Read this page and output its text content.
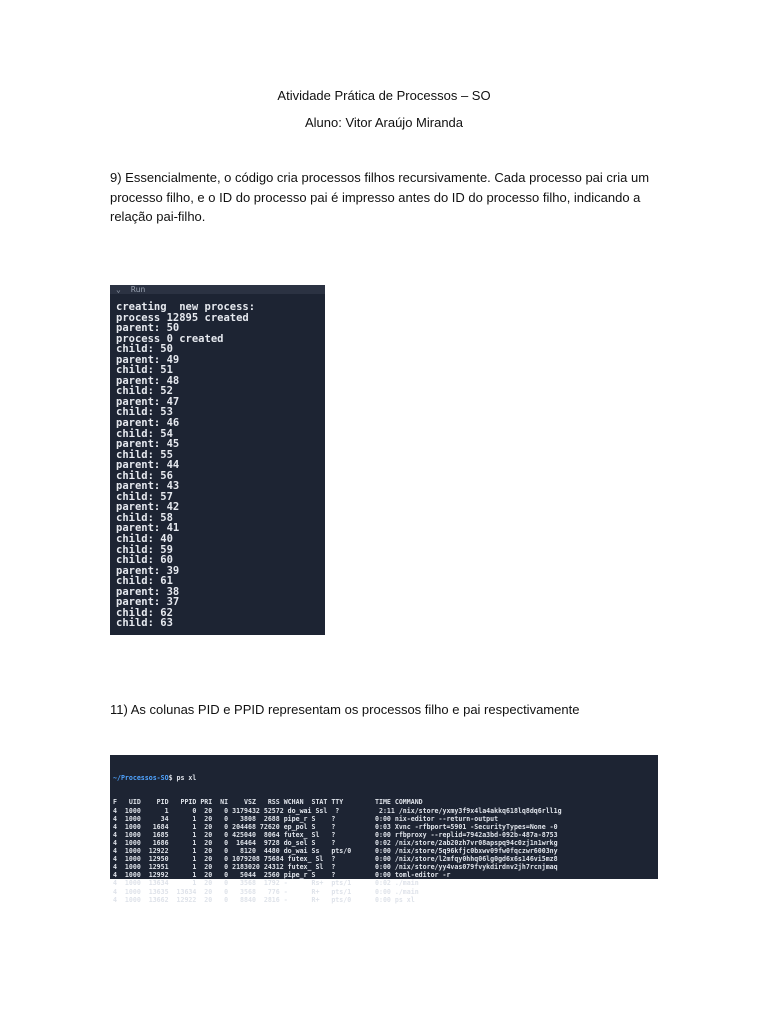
Atividade Prática de Processos – SO
Aluno: Vitor Araújo Miranda
9) Essencialmente, o código cria processos filhos recursivamente. Cada processo pai cria um processo filho, e o ID do processo pai é impresso antes do ID do processo filho, indicando a relação pai-filho.
⌄ Run
creating  new process:
process 12895 created
parent: 50
process 0 created
child: 50
parent: 49
child: 51
parent: 48
child: 52
parent: 47
child: 53
parent: 46
child: 54
parent: 45
child: 55
parent: 44
child: 56
parent: 43
child: 57
parent: 42
child: 58
parent: 41
child: 40
child: 59
child: 60
parent: 39
child: 61
parent: 38
parent: 37
child: 62
child: 63
11) As colunas PID e PPID representam os processos filho e pai respectivamente

~/Processos-SO$ ps xl

F   UID    PID   PPID PRI  NI    VSZ   RSS WCHAN  STAT TTY        TIME COMMAND
4  1000      1      0  20   0 3179432 52572 do_wai Ssl  ?          2:11 /nix/store/yxmy3f9x4la4akkq618lq8dq6rll1g
4  1000     34      1  20   0   3808  2688 pipe_r S    ?          0:00 nix-editor --return-output
4  1000   1684      1  20   0 204468 72620 ep_pol S    ?          0:03 Xvnc -rfbport=5901 -SecurityTypes=None -0
4  1000   1685      1  20   0 425040  8064 futex_ Sl   ?          0:00 rfbproxy --replid=7942a3bd-092b-487a-8753
4  1000   1686      1  20   0  16464  9728 do_sel S    ?          0:02 /nix/store/2ab20zh7vr08apspq94c0zj1n1wrkg
4  1000  12922      1  20   0   8120  4480 do_wai Ss   pts/0      0:00 /nix/store/5q96kfjc0bxwv09fw0fqczwr6003ny
4  1000  12950      1  20   0 1079208 75684 futex_ Sl  ?          0:00 /nix/store/l2mfqy0hhq06lg0gd6x6s146vi5mz8
4  1000  12951      1  20   0 2183020 24312 futex_ Sl  ?          0:00 /nix/store/yy4vas079fvykdirdnv2jh7rcnjmaq
4  1000  12992      1  20   0   5044  2560 pipe_r S    ?          0:00 toml-editor -r
4  1000  13634      1  20   0   3568  1792 -      Rs+  pts/1      0:02 ./main
4  1000  13635  13634  20   0   3568   776 -      R+   pts/1      0:00 ./main
4  1000  13662  12922  20   0   8840  2816 -      R+   pts/0      0:00 ps xl
